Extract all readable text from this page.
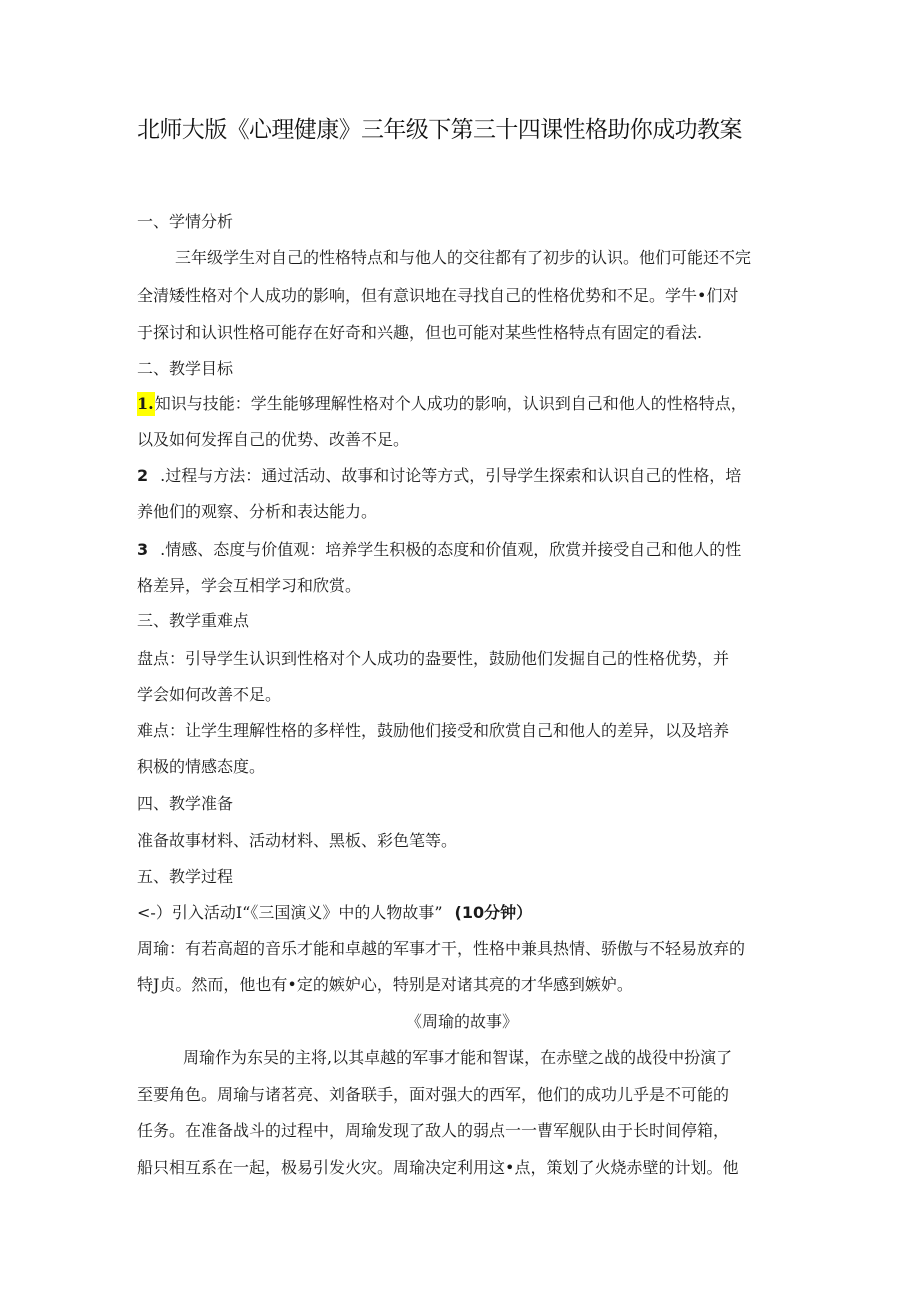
北师大版《心理健康》三年级下第三十四课性格助你成功教案
一、学情分析
三年级学生对自己的性格特点和与他人的交往都有了初步的认识。他们可能还不完
全清矮性格对个人成功的影响，但有意识地在寻找自己的性格优势和不足。学牛•们对
于探讨和认识性格可能存在好奇和兴趣，但也可能对某些性格特点有固定的看法.
二、教学目标
1.知识与技能：学生能够理解性格对个人成功的影响，认识到自己和他人的性格特点，
以及如何发挥自己的优势、改善不足。
2 .过程与方法：通过活动、故事和讨论等方式，引导学生探索和认识自己的性格，培
养他们的观察、分析和表达能力。
3 .情感、态度与价值观：培养学生积极的态度和价值观，欣赏并接受自己和他人的性
格差异，学会互相学习和欣赏。
三、教学重难点
盘点：引导学生认识到性格对个人成功的盎要性，鼓励他们发掘自己的性格优势，并
学会如何改善不足。
难点：让学生理解性格的多样性，鼓励他们接受和欣赏自己和他人的差异，以及培养
积极的情感态度。
四、教学准备
准备故事材料、活动材料、黑板、彩色笔等。
五、教学过程
<-）引入活动I“《三国演义》中的人物故事” (10分钟）
周瑜：有若高超的音乐才能和卓越的军事才干，性格中兼具热情、骄傲与不轻易放弃的
特J贞。然而，他也有•定的嫉妒心，特别是对诸其亮的才华感到嫉妒。
《周瑜的故事》
周瑜作为东吴的主将,以其卓越的军事才能和智谋，在赤壁之战的战役中扮演了
至要角色。周瑜与诸茗亮、刘备联手，面对强大的西军，他们的成功儿乎是不可能的
任务。在准备战斗的过程中，周瑜发现了敌人的弱点一一曹军舰队由于长时间停箱，
船只相互系在一起，极易引发火灾。周瑜决定利用这•点，策划了火烧赤壁的计划。他
